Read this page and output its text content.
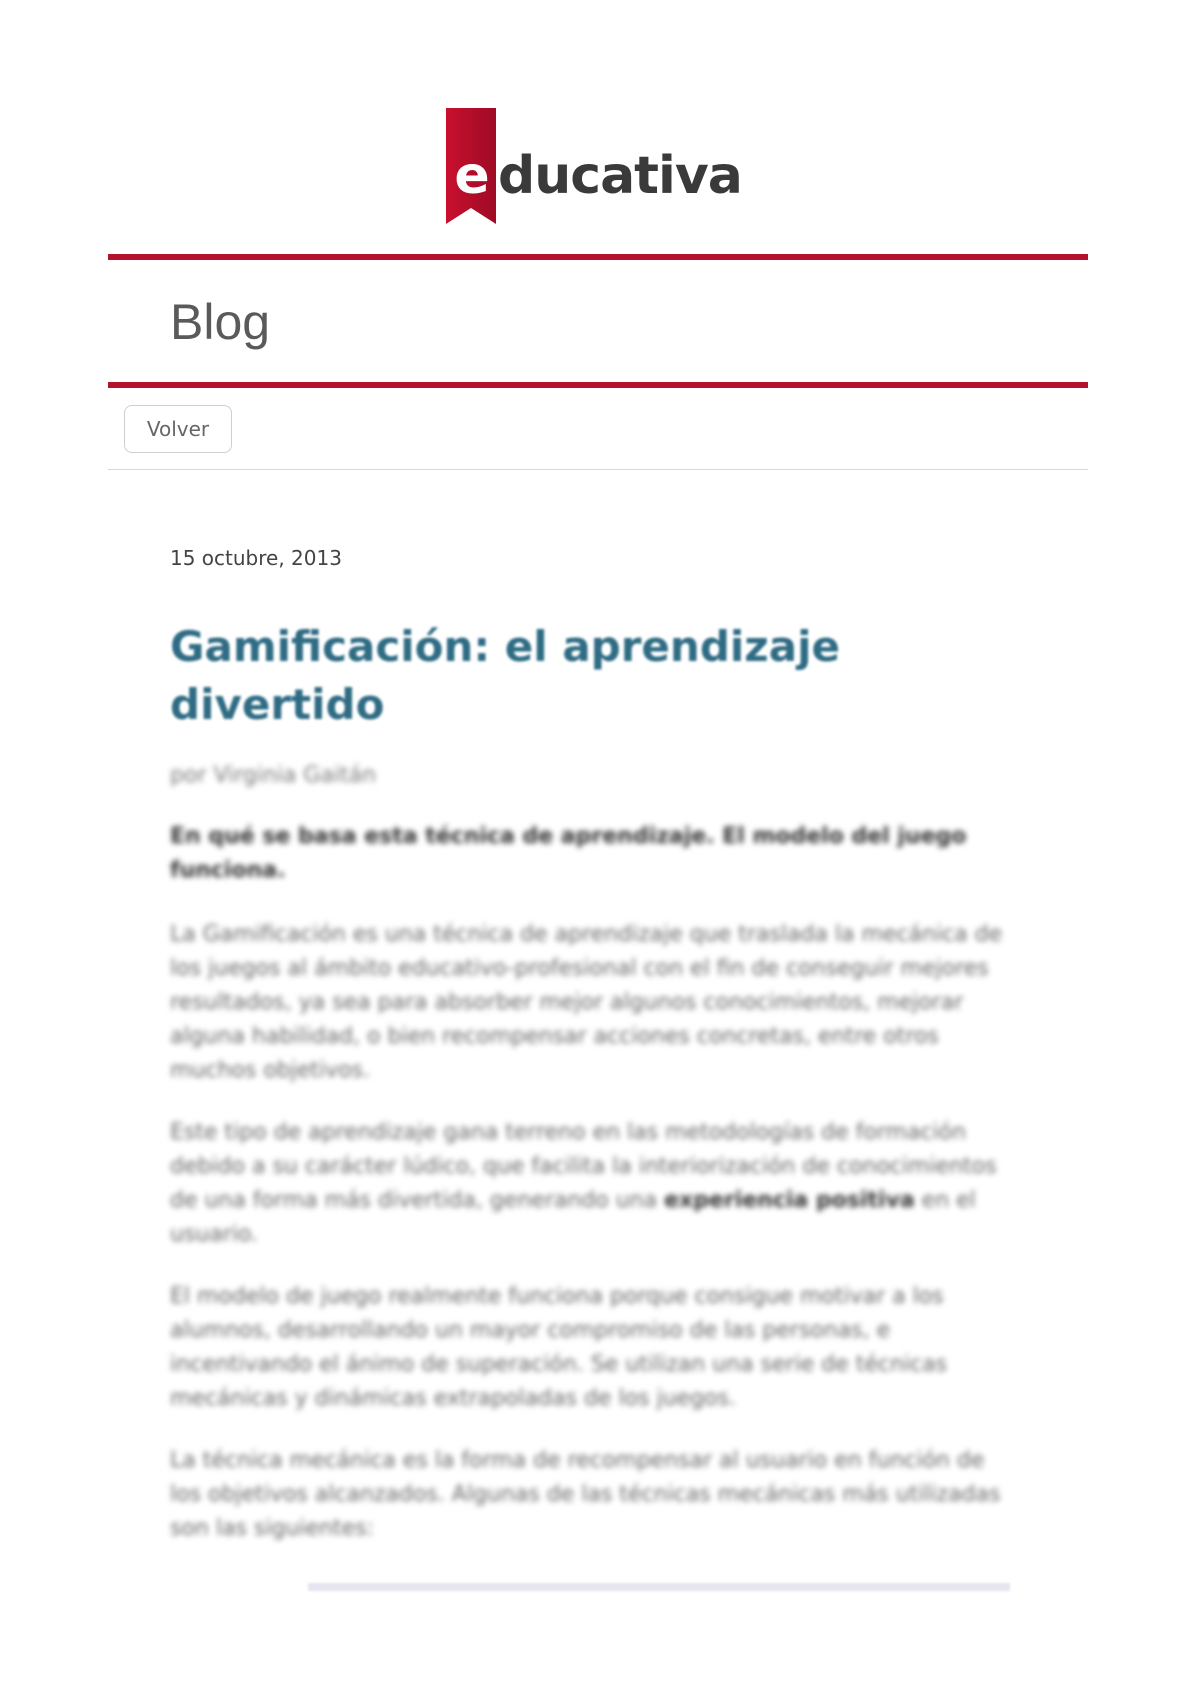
e ducativa
Blog
Volver
15 octubre, 2013
Gamificación: el aprendizaje divertido

por Virginia Gaitán

En qué se basa esta técnica de aprendizaje. El modelo del juego funciona.

La Gamificación es una técnica de aprendizaje que traslada la mecánica de los juegos al ámbito educativo-profesional con el fin de conseguir mejores resultados, ya sea para absorber mejor algunos conocimientos, mejorar alguna habilidad, o bien recompensar acciones concretas, entre otros muchos objetivos.

Este tipo de aprendizaje gana terreno en las metodologías de formación debido a su carácter lúdico, que facilita la interiorización de conocimientos de una forma más divertida, generando una experiencia positiva en el usuario.

El modelo de juego realmente funciona porque consigue motivar a los alumnos, desarrollando un mayor compromiso de las personas, e incentivando el ánimo de superación. Se utilizan una serie de técnicas mecánicas y dinámicas extrapoladas de los juegos.

La técnica mecánica es la forma de recompensar al usuario en función de los objetivos alcanzados. Algunas de las técnicas mecánicas más utilizadas son las siguientes:
